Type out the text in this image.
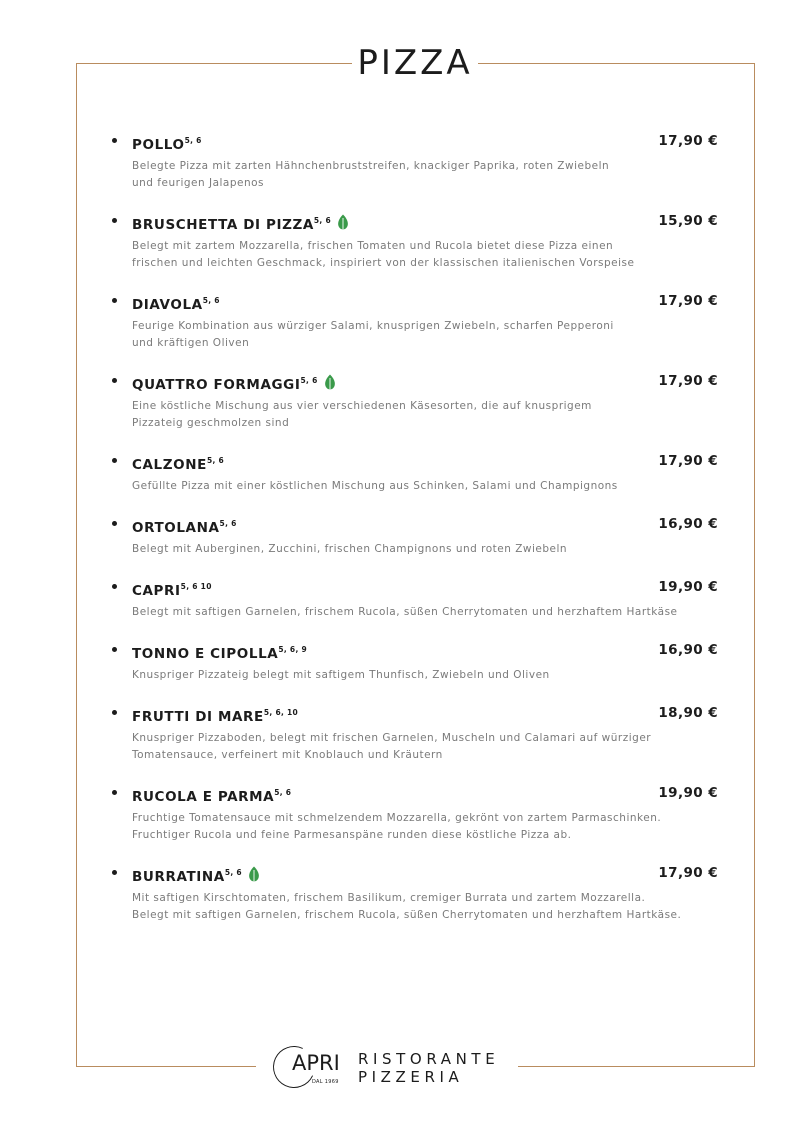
PIZZA
POLLO$^{5, 6}$	17,90 €
Belegte Pizza mit zarten Hähnchenbruststreifen, knackiger Paprika, roten Zwiebeln
und feurigen Jalapenos
BRUSCHETTA DI PIZZA$^{5, 6}$	15,90 €
Belegt mit zartem Mozzarella, frischen Tomaten und Rucola bietet diese Pizza einen
frischen und leichten Geschmack, inspiriert von der klassischen italienischen Vorspeise
DIAVOLA$^{5, 6}$	17,90 €
Feurige Kombination aus würziger Salami, knusprigen Zwiebeln, scharfen Pepperoni
und kräftigen Oliven
QUATTRO FORMAGGI$^{5, 6}$	17,90 €
Eine köstliche Mischung aus vier verschiedenen Käsesorten, die auf knusprigem
Pizzateig geschmolzen sind
CALZONE$^{5, 6}$	17,90 €
Gefüllte Pizza mit einer köstlichen Mischung aus Schinken, Salami und Champignons
ORTOLANA$^{5, 6}$	16,90 €
Belegt mit Auberginen, Zucchini, frischen Champignons und roten Zwiebeln
$CAPRI^{5, 6 10}$	19,90 €
Belegt mit saftigen Garnelen, frischem Rucola, süßen Cherrytomaten und herzhaftem Hartkäse
TONNO E CIPOLLA$^{5, 6, 9}$	16,90 €
Knuspriger Pizzateig belegt mit saftigem Thunfisch, Zwiebeln und Oliven
FRUTTI DI MARE$^{5, 6, 10}$	18,90 €
Knuspriger Pizzaboden, belegt mit frischen Garnelen, Muscheln und Calamari auf würziger
Tomatensauce, verfeinert mit Knoblauch und Kräutern
RUCOLA E PARMA$^{5, 6}$	19,90 €
Fruchtige Tomatensauce mit schmelzendem Mozzarella, gekrönt von zartem Parmaschinken.
Fruchtiger Rucola und feine Parmesanspäne runden diese köstliche Pizza ab.
BURRATINA$^{5, 6}$	17,90 €
Mit saftigen Kirschtomaten, frischem Basilikum, cremiger Burrata und zartem Mozzarella.
Belegt mit saftigen Garnelen, frischem Rucola, süßen Cherrytomaten und herzhaftem Hartkäse.
APRI
DAL 1969
RISTORANTE
PIZZERIA
